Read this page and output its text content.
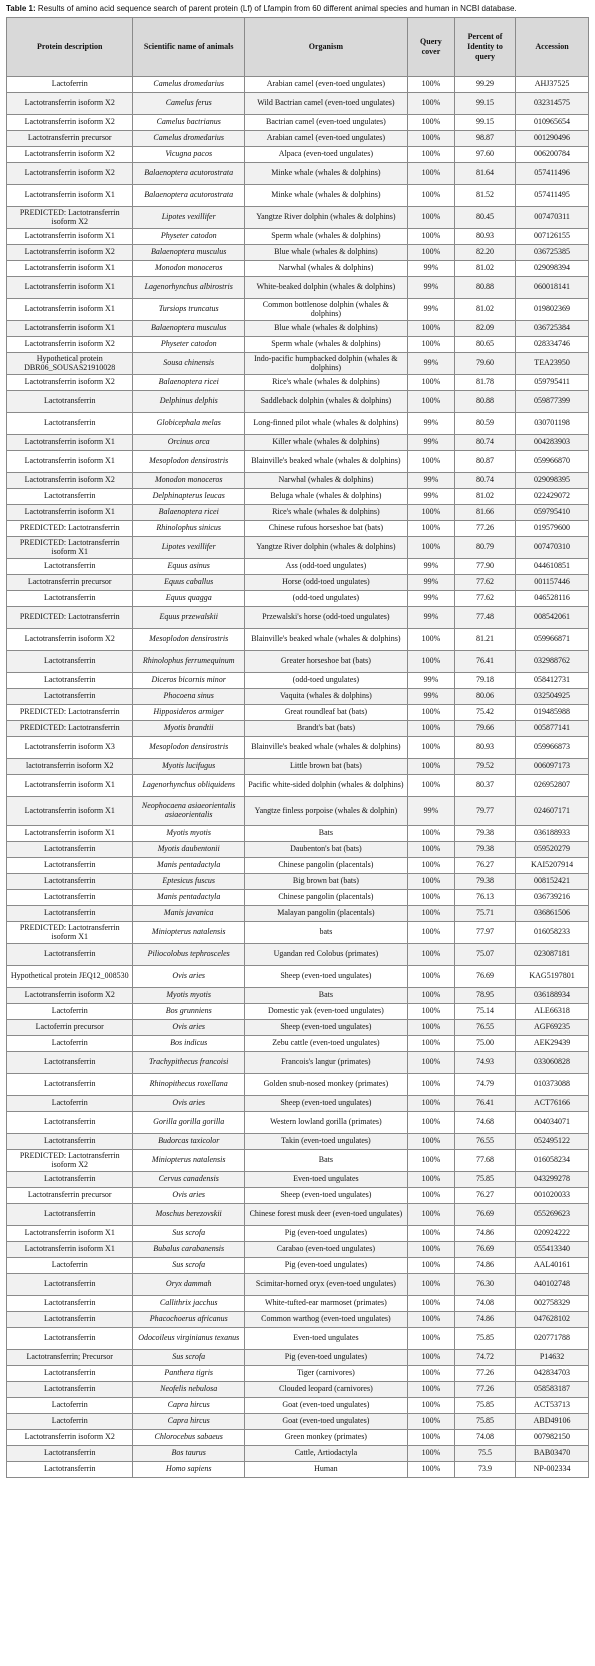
Table 1: Results of amino acid sequence search of parent protein (Lf) of Lfampin from 60 different animal species and human in NCBI database.
Protein description	Scientific name of animals	Organism	Query cover	Percent of Identity to query	Accession
Lactoferrin	Camelus dromedarius	Arabian camel (even-toed ungulates)	100%	99.29	AHJ37525
Lactotransferrin isoform X2	Camelus ferus	Wild Bactrian camel (even-toed ungulates)	100%	99.15	032314575
Lactotransferrin isoform X2	Camelus bactrianus	Bactrian camel (even-toed ungulates)	100%	99.15	010965654
Lactotransferrin precursor	Camelus dromedarius	Arabian camel (even-toed ungulates)	100%	98.87	001290496
Lactotransferrin isoform X2	Vicugna pacos	Alpaca (even-toed ungulates)	100%	97.60	006200784
Lactotransferrin isoform X2	Balaenoptera acutorostrata	Minke whale (whales & dolphins)	100%	81.64	057411496
Lactotransferrin isoform X1	Balaenoptera acutorostrata	Minke whale (whales & dolphins)	100%	81.52	057411495
PREDICTED: Lactotransferrin isoform X2	Lipotes vexillifer	Yangtze River dolphin (whales & dolphins)	100%	80.45	007470311
Lactotransferrin isoform X1	Physeter catodon	Sperm whale (whales & dolphins)	100%	80.93	007126155
Lactotransferrin isoform X2	Balaenoptera musculus	Blue whale (whales & dolphins)	100%	82.20	036725385
Lactotransferrin isoform X1	Monodon monoceros	Narwhal (whales & dolphins)	99%	81.02	029098394
Lactotransferrin isoform X1	Lagenorhynchus albirostris	White-beaked dolphin (whales & dolphins)	99%	80.88	060018141
Lactotransferrin isoform X1	Tursiops truncatus	Common bottlenose dolphin (whales & dolphins)	99%	81.02	019802369
Lactotransferrin isoform X1	Balaenoptera musculus	Blue whale (whales & dolphins)	100%	82.09	036725384
Lactotransferrin isoform X2	Physeter catodon	Sperm whale (whales & dolphins)	100%	80.65	028334746
Hypothetical protein DBR06_SOUSAS21910028	Sousa chinensis	Indo-pacific humpbacked dolphin (whales & dolphins)	99%	79.60	TEA23950
Lactotransferrin isoform X2	Balaenoptera ricei	Rice's whale (whales & dolphins)	100%	81.78	059795411
Lactotransferrin	Delphinus delphis	Saddleback dolphin (whales & dolphins)	100%	80.88	059877399
Lactotransferrin	Globicephala melas	Long-finned pilot whale (whales & dolphins)	99%	80.59	030701198
Lactotransferrin isoform X1	Orcinus orca	Killer whale (whales & dolphins)	99%	80.74	004283903
Lactotransferrin isoform X1	Mesoplodon densirostris	Blainville's beaked whale (whales & dolphins)	100%	80.87	059966870
Lactotransferrin isoform X2	Monodon monoceros	Narwhal (whales & dolphins)	99%	80.74	029098395
Lactotransferrin	Delphinapterus leucas	Beluga whale (whales & dolphins)	99%	81.02	022429072
Lactotransferrin isoform X1	Balaenoptera ricei	Rice's whale (whales & dolphins)	100%	81.66	059795410
PREDICTED: Lactotransferrin	Rhinolophus sinicus	Chinese rufous horseshoe bat (bats)	100%	77.26	019579600
PREDICTED: Lactotransferrin isoform X1	Lipotes vexillifer	Yangtze River dolphin (whales & dolphins)	100%	80.79	007470310
Lactotransferrin	Equus asinus	Ass (odd-toed ungulates)	99%	77.90	044610851
Lactotransferrin precursor	Equus caballus	Horse (odd-toed ungulates)	99%	77.62	001157446
Lactotransferrin	Equus quagga	(odd-toed ungulates)	99%	77.62	046528116
PREDICTED: Lactotransferrin	Equus przewalskii	Przewalski's horse (odd-toed ungulates)	99%	77.48	008542061
Lactotransferrin isoform X2	Mesoplodon densirostris	Blainville's beaked whale (whales & dolphins)	100%	81.21	059966871
Lactotransferrin	Rhinolophus ferrumequinum	Greater horseshoe bat (bats)	100%	76.41	032988762
Lactotransferrin	Diceros bicornis minor	(odd-toed ungulates)	99%	79.18	058412731
Lactotransferrin	Phocoena sinus	Vaquita (whales & dolphins)	99%	80.06	032504925
PREDICTED: Lactotransferrin	Hipposideros armiger	Great roundleaf bat (bats)	100%	75.42	019485988
PREDICTED: Lactotransferrin	Myotis brandtii	Brandt's bat (bats)	100%	79.66	005877141
Lactotransferrin isoform X3	Mesoplodon densirostris	Blainville's beaked whale (whales & dolphins)	100%	80.93	059966873
lactotransferrin isoform X2	Myotis lucifugus	Little brown bat (bats)	100%	79.52	006097173
Lactotransferrin isoform X1	Lagenorhynchus obliquidens	Pacific white-sided dolphin (whales & dolphins)	100%	80.37	026952807
Lactotransferrin isoform X1	Neophocaena asiaeorientalis asiaeorientalis	Yangtze finless porpoise (whales & dolphin)	99%	79.77	024607171
Lactotransferrin isoform X1	Myotis myotis	Bats	100%	79.38	036188933
Lactotransferrin	Myotis daubentonii	Daubenton's bat (bats)	100%	79.38	059520279
Lactotransferrin	Manis pentadactyla	Chinese pangolin (placentals)	100%	76.27	KAI5207914
Lactotransferrin	Eptesicus fuscus	Big brown bat (bats)	100%	79.38	008152421
Lactotransferrin	Manis pentadactyla	Chinese pangolin (placentals)	100%	76.13	036739216
Lactotransferrin	Manis javanica	Malayan pangolin (placentals)	100%	75.71	036861506
PREDICTED: Lactotransferrin isoform X1	Miniopterus natalensis	bats	100%	77.97	016058233
Lactotransferrin	Piliocolobus tephrosceles	Ugandan red Colobus (primates)	100%	75.07	023087181
Hypothetical protein JEQ12_008530	Ovis aries	Sheep (even-toed ungulates)	100%	76.69	KAG5197801
Lactotransferrin isoform X2	Myotis myotis	Bats	100%	78.95	036188934
Lactoferrin	Bos grunniens	Domestic yak (even-toed ungulates)	100%	75.14	ALE66318
Lactoferrin precursor	Ovis aries	Sheep (even-toed ungulates)	100%	76.55	AGF69235
Lactoferrin	Bos indicus	Zebu cattle (even-toed ungulates)	100%	75.00	AEK29439
Lactotransferrin	Trachypithecus francoisi	Francois's langur (primates)	100%	74.93	033060828
Lactotransferrin	Rhinopithecus roxellana	Golden snub-nosed monkey (primates)	100%	74.79	010373088
Lactoferrin	Ovis aries	Sheep (even-toed ungulates)	100%	76.41	ACT76166
Lactotransferrin	Gorilla gorilla gorilla	Western lowland gorilla (primates)	100%	74.68	004034071
Lactotransferrin	Budorcas taxicolor	Takin (even-toed ungulates)	100%	76.55	052495122
PREDICTED: Lactotransferrin isoform X2	Miniopterus natalensis	Bats	100%	77.68	016058234
Lactotransferrin	Cervus canadensis	Even-toed ungulates	100%	75.85	043299278
Lactotransferrin precursor	Ovis aries	Sheep (even-toed ungulates)	100%	76.27	001020033
Lactotransferrin	Moschus berezovskii	Chinese forest musk deer (even-toed ungulates)	100%	76.69	055269623
Lactotransferrin isoform X1	Sus scrofa	Pig (even-toed ungulates)	100%	74.86	020924222
Lactotransferrin isoform X1	Bubalus carabanensis	Carabao (even-toed ungulates)	100%	76.69	055413340
Lactoferrin	Sus scrofa	Pig (even-toed ungulates)	100%	74.86	AAL40161
Lactotransferrin	Oryx dammah	Scimitar-horned oryx (even-toed ungulates)	100%	76.30	040102748
Lactotransferrin	Callithrix jacchus	White-tufted-ear marmoset (primates)	100%	74.08	002758329
Lactotransferrin	Phacochoerus africanus	Common warthog (even-toed ungulates)	100%	74.86	047628102
Lactotransferrin	Odocoileus virginianus texanus	Even-toed ungulates	100%	75.85	020771788
Lactotransferrin; Precursor	Sus scrofa	Pig (even-toed ungulates)	100%	74.72	P14632
Lactotransferrin	Panthera tigris	Tiger (carnivores)	100%	77.26	042834703
Lactotransferrin	Neofelis nebulosa	Clouded leopard (carnivores)	100%	77.26	058583187
Lactoferrin	Capra hircus	Goat (even-toed ungulates)	100%	75.85	ACT53713
Lactoferrin	Capra hircus	Goat (even-toed ungulates)	100%	75.85	ABD49106
Lactotransferrin isoform X2	Chlorocebus sabaeus	Green monkey (primates)	100%	74.08	007982150
Lactotransferrin	Bos taurus	Cattle, Artiodactyla	100%	75.5	BAB03470
Lactotransferrin	Homo sapiens	Human	100%	73.9	NP-002334
